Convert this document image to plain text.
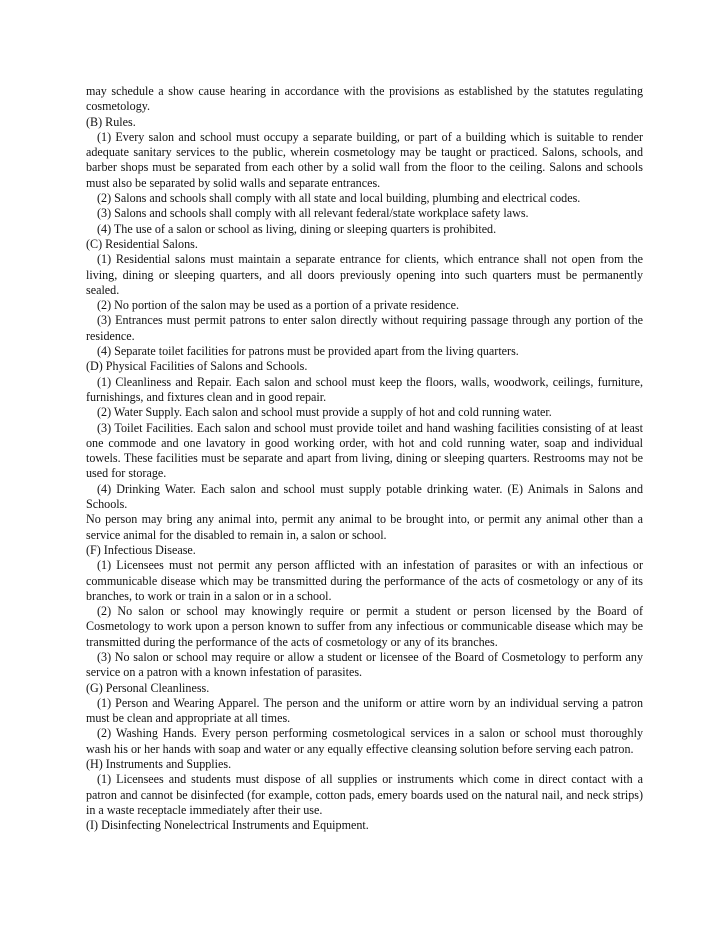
may schedule a show cause hearing in accordance with the provisions as established by the statutes regulating cosmetology.

(B) Rules.

(1) Every salon and school must occupy a separate building, or part of a building which is suitable to render adequate sanitary services to the public, wherein cosmetology may be taught or practiced. Salons, schools, and barber shops must be separated from each other by a solid wall from the floor to the ceiling. Salons and schools must also be separated by solid walls and separate entrances.

(2) Salons and schools shall comply with all state and local building, plumbing and electrical codes.

(3) Salons and schools shall comply with all relevant federal/state workplace safety laws.

(4) The use of a salon or school as living, dining or sleeping quarters is prohibited.

(C) Residential Salons.

(1) Residential salons must maintain a separate entrance for clients, which entrance shall not open from the living, dining or sleeping quarters, and all doors previously opening into such quarters must be permanently sealed.

(2) No portion of the salon may be used as a portion of a private residence.

(3) Entrances must permit patrons to enter salon directly without requiring passage through any portion of the residence.

(4) Separate toilet facilities for patrons must be provided apart from the living quarters.

(D) Physical Facilities of Salons and Schools.

(1) Cleanliness and Repair. Each salon and school must keep the floors, walls, woodwork, ceilings, furniture, furnishings, and fixtures clean and in good repair.

(2) Water Supply. Each salon and school must provide a supply of hot and cold running water.

(3) Toilet Facilities. Each salon and school must provide toilet and hand washing facilities consisting of at least one commode and one lavatory in good working order, with hot and cold running water, soap and individual towels. These facilities must be separate and apart from living, dining or sleeping quarters. Restrooms may not be used for storage.

(4) Drinking Water. Each salon and school must supply potable drinking water. (E) Animals in Salons and Schools.

No person may bring any animal into, permit any animal to be brought into, or permit any animal other than a service animal for the disabled to remain in, a salon or school.

(F) Infectious Disease.

(1) Licensees must not permit any person afflicted with an infestation of parasites or with an infectious or communicable disease which may be transmitted during the performance of the acts of cosmetology or any of its branches, to work or train in a salon or in a school.

(2) No salon or school may knowingly require or permit a student or person licensed by the Board of Cosmetology to work upon a person known to suffer from any infectious or communicable disease which may be transmitted during the performance of the acts of cosmetology or any of its branches.

(3) No salon or school may require or allow a student or licensee of the Board of Cosmetology to perform any service on a patron with a known infestation of parasites.

(G) Personal Cleanliness.

(1) Person and Wearing Apparel. The person and the uniform or attire worn by an individual serving a patron must be clean and appropriate at all times.

(2) Washing Hands. Every person performing cosmetological services in a salon or school must thoroughly wash his or her hands with soap and water or any equally effective cleansing solution before serving each patron.

(H) Instruments and Supplies.

(1) Licensees and students must dispose of all supplies or instruments which come in direct contact with a patron and cannot be disinfected (for example, cotton pads, emery boards used on the natural nail, and neck strips) in a waste receptacle immediately after their use.

(I) Disinfecting Nonelectrical Instruments and Equipment.
